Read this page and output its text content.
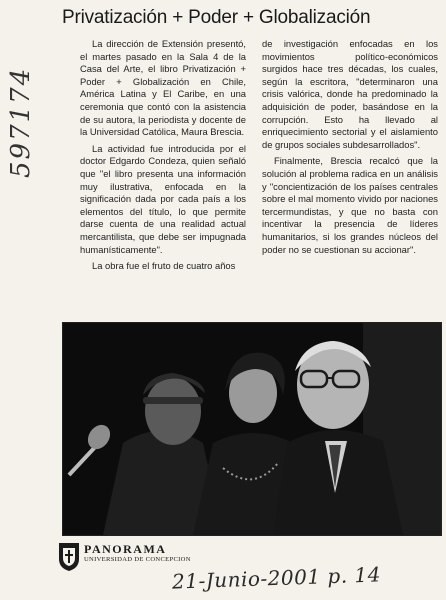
597174
Privatización + Poder + Globalización

La dirección de Extensión presentó, el martes pasado en la Sala 4 de la Casa del Arte, el libro Privatización + Poder + Globalización en Chile, América Latina y El Caribe, en una ceremonia que contó con la asistencia de su autora, la periodista y docente de la Universidad Católica, Maura Brescia.

La actividad fue introducida por el doctor Edgardo Condeza, quien señaló que "el libro presenta una información muy ilustrativa, enfocada en la significación dada por cada país a los elementos del título, lo que permite darse cuenta de una realidad actual mercantilista, que debe ser impugnada humanísticamente".

La obra fue el fruto de cuatro años

de investigación enfocadas en los movimientos político-económicos surgidos hace tres décadas, los cuales, según la escritora, "determinaron una crisis valórica, donde ha predominado la adquisición de poder, basándose en la corrupción. Esto ha llevado al enriquecimiento sectorial y el aislamiento de grupos sociales subdesarrollados".

Finalmente, Brescia recalcó que la solución al problema radica en un análisis y "concientización de los países centrales sobre el mal momento vivido por naciones tercermundistas, y que no basta con incentivar la presencia de líderes humanitarios, si los grandes núcleos del poder no se cuestionan su accionar".

PANORAMA
UNIVERSIDAD DE CONCEPCION
21-Junio-2001 p. 14
